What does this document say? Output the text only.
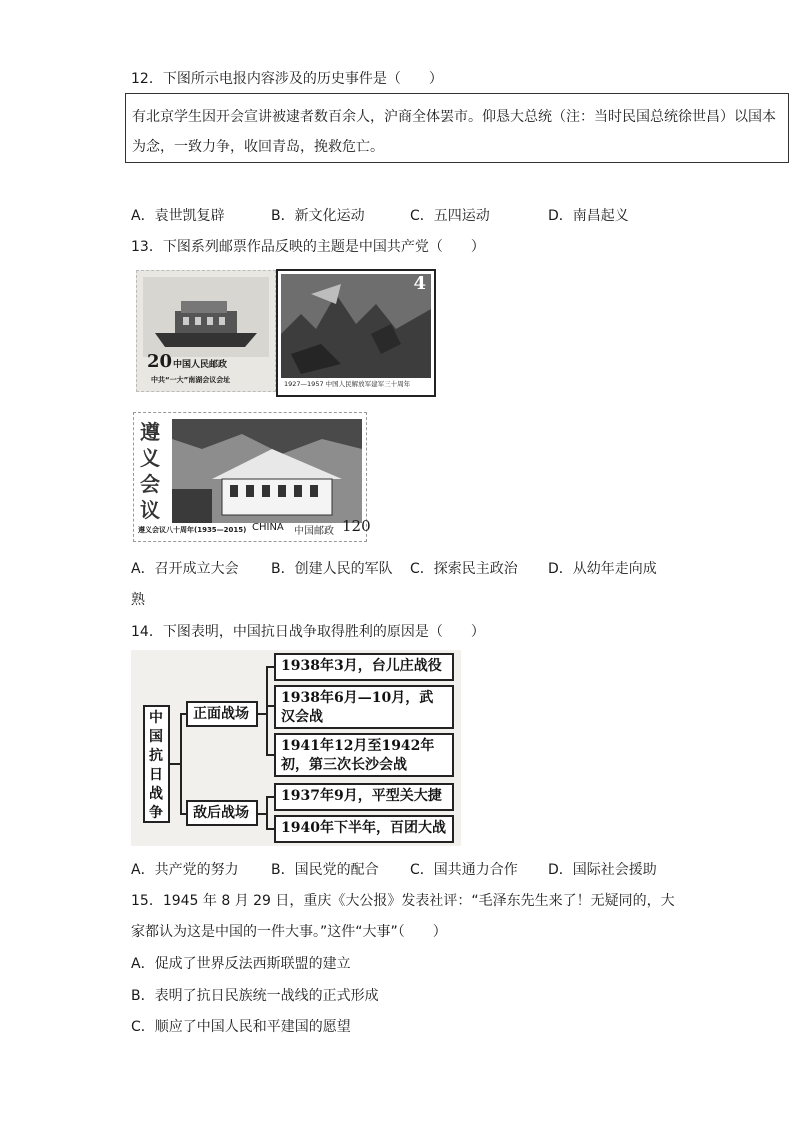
12．下图所示电报内容涉及的历史事件是（　　）
有北京学生因开会宣讲被逮者数百余人，沪商全体罢市。仰恳大总统（注：当时民国总统徐世昌）以国本
为念，一致力争，收回青岛，挽救危亡。
A．袁世凯复辟	B．新文化运动	C．五四运动	D．南昌起义
13．下图系列邮票作品反映的主题是中国共产党（　　）
20 中国人民邮政
中共“一大”南湖会议会址
4
1927—1957 中国人民解放军建军三十周年
遵义会议
遵义会议八十周年(1935—2015) CHINA 中国邮政 120
A．召开成立大会	B．创建人民的军队	C．探索民主政治	D．从幼年走向成
熟
14．下图表明，中国抗日战争取得胜利的原因是（　　）
中国抗日战争
正面战场
敌后战场
1938年3月，台儿庄战役
1938年6月—10月，武汉会战
1941年12月至1942年初，第三次长沙会战
1937年9月，平型关大捷
1940年下半年，百团大战
A．共产党的努力	B．国民党的配合	C．国共通力合作	D．国际社会援助
15．1945 年 8 月 29 日，重庆《大公报》发表社评：“毛泽东先生来了！无疑同的，大
家都认为这是中国的一件大事。”这件“大事”（　　）
A．促成了世界反法西斯联盟的建立
B．表明了抗日民族统一战线的正式形成
C．顺应了中国人民和平建国的愿望
